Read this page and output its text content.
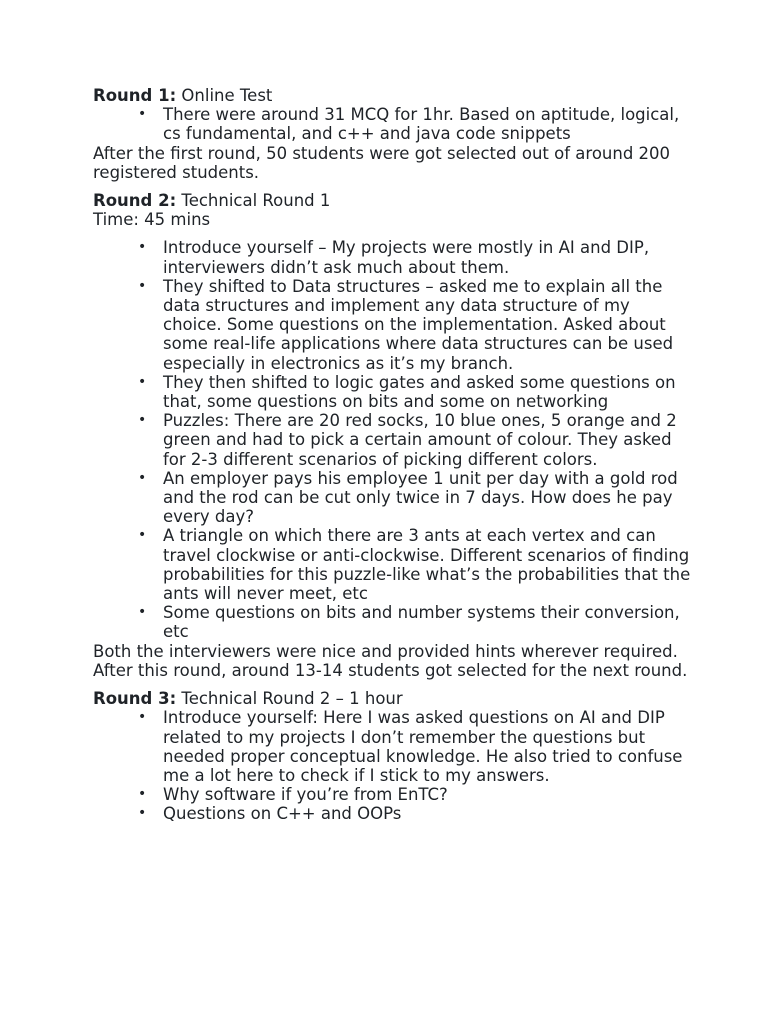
Round 1: Online Test

• There were around 31 MCQ for 1hr. Based on aptitude, logical, cs fundamental, and c++ and java code snippets

After the first round, 50 students were got selected out of around 200 registered students.

Round 2: Technical Round 1

Time: 45 mins

• Introduce yourself – My projects were mostly in AI and DIP, interviewers didn’t ask much about them.
• They shifted to Data structures – asked me to explain all the data structures and implement any data structure of my choice. Some questions on the implementation. Asked about some real-life applications where data structures can be used especially in electronics as it’s my branch.
• They then shifted to logic gates and asked some questions on that, some questions on bits and some on networking
• Puzzles: There are 20 red socks, 10 blue ones, 5 orange and 2 green and had to pick a certain amount of colour. They asked for 2-3 different scenarios of picking different colors.
• An employer pays his employee 1 unit per day with a gold rod and the rod can be cut only twice in 7 days. How does he pay every day?
• A triangle on which there are 3 ants at each vertex and can travel clockwise or anti-clockwise. Different scenarios of finding probabilities for this puzzle-like what’s the probabilities that the ants will never meet, etc
• Some questions on bits and number systems their conversion, etc

Both the interviewers were nice and provided hints wherever required. After this round, around 13-14 students got selected for the next round.

Round 3: Technical Round 2 – 1 hour

• Introduce yourself: Here I was asked questions on AI and DIP related to my projects I don’t remember the questions but needed proper conceptual knowledge. He also tried to confuse me a lot here to check if I stick to my answers.
• Why software if you’re from EnTC?
• Questions on C++ and OOPs
